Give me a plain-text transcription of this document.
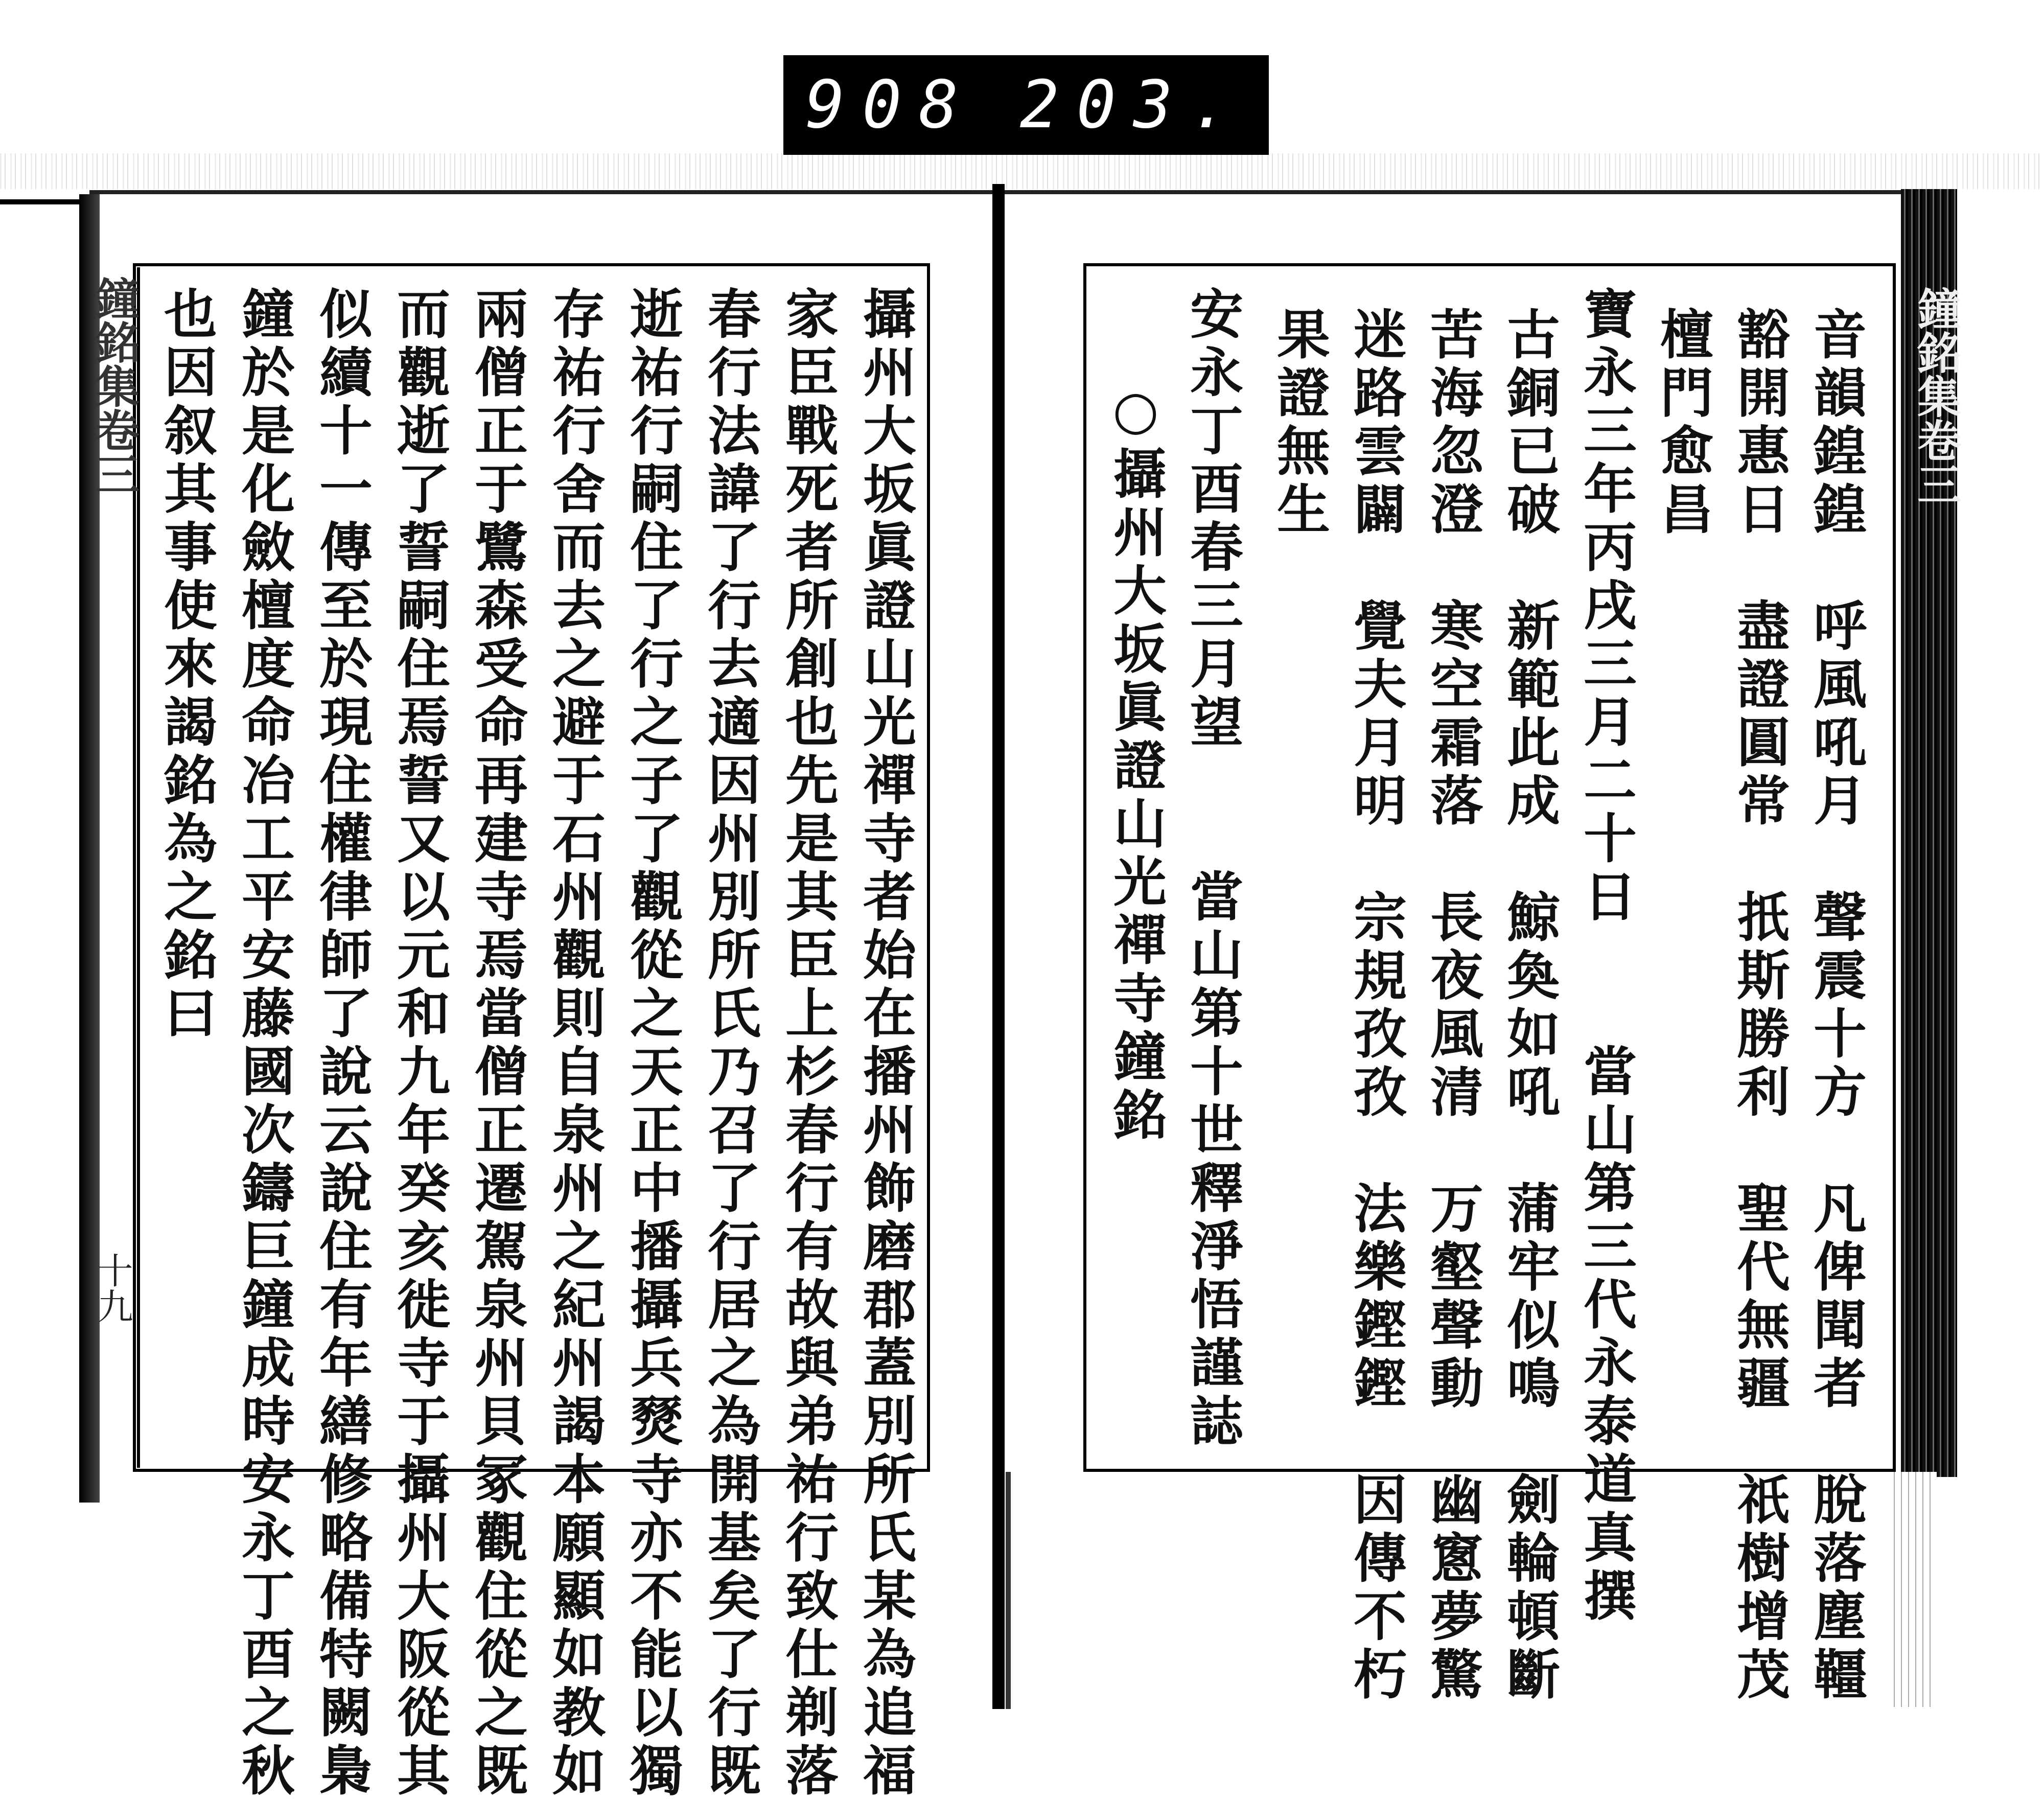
908 203.
鐘銘集卷三
十九	攝州大坂眞證山光禪寺者始在播州飾磨郡蓋別所氏某為追福
家臣戰死者所創也先是其臣上杉春行有故與弟祐行致仕剃落
春行法諱了行去適因州別所氏乃召了行居之為開基矣了行既
逝祐行嗣住了行之子了觀從之天正中播攝兵燹寺亦不能以獨
存祐行舍而去之避于石州觀則自泉州之紀州謁本願顯如教如
兩僧正于鷺森受命再建寺焉當僧正遷駕泉州貝冢觀住從之既
而觀逝了誓嗣住焉誓又以元和九年癸亥徙寺于攝州大阪從其
似續十一傳至於現住權律師了說云說住有年繕修略備特闕梟
鐘於是化斂檀度命冶工平安藤國次鑄巨鐘成時安永丁酉之秋
也因叙其事使來謁銘為之銘曰	鐘銘集卷三
音韻鍠鍠　呼風吼月　聲震十方　凡俾聞者　脫落塵韁
豁開惠日　盡證圓常　扺斯勝利　聖代無疆　祇樹增茂
檀門愈昌
寶永三年丙戌三月二十日　　當山第三代永泰道真撰
古銅已破　新範此成　鯨奐如吼　蒲牢似鳴　劍輪頓斷
苦海忽澄　寒空霜落　長夜風清　万壑聲動　幽窻夢驚
迷路雲闢　覺夫月明　宗規孜孜　法樂鏗鏗　因傳不朽
果證無生
安永丁酉春三月望　　當山第十世釋淨悟謹誌
○攝州大坂眞證山光禪寺鐘銘
